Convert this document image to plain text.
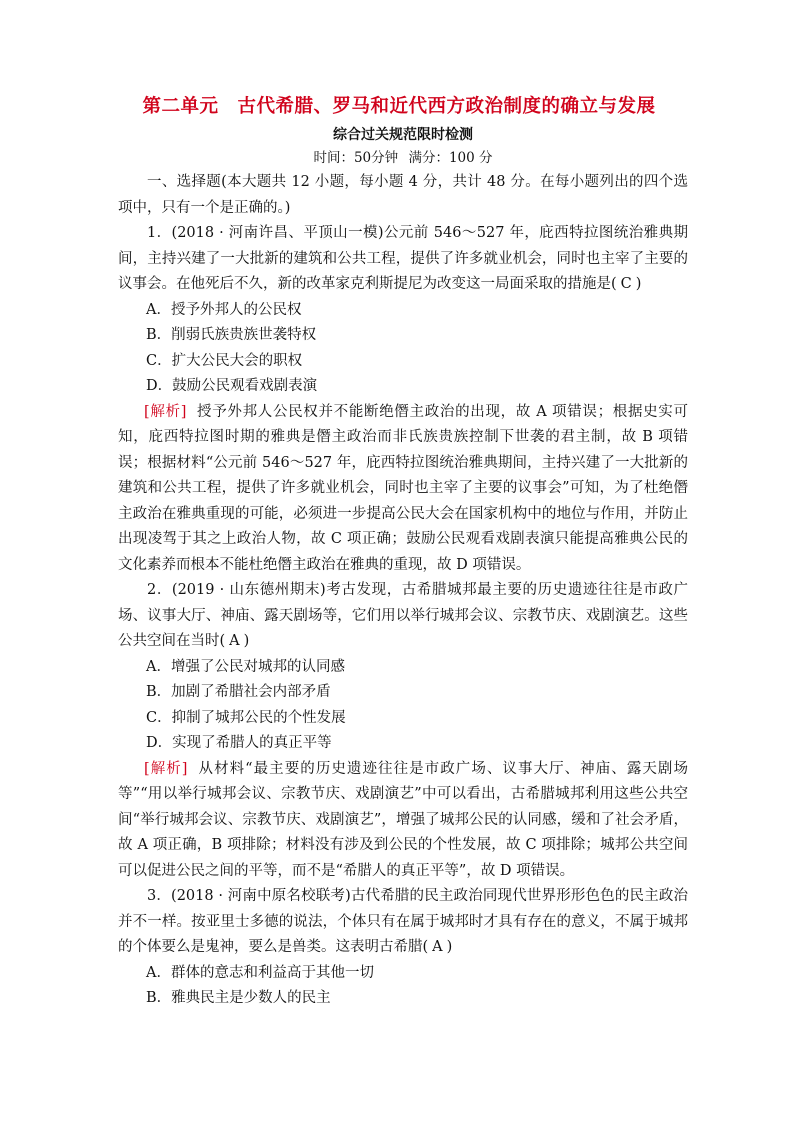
第二单元　古代希腊、罗马和近代西方政治制度的确立与发展
综合过关规范限时检测
时间：50分钟 满分：100 分

一、选择题(本大题共 12 小题，每小题 4 分，共计 48 分。在每小题列出的四个选项中，只有一个是正确的。)

1．(2018 · 河南许昌、平顶山一模)公元前 546～527 年，庇西特拉图统治雅典期间，主持兴建了一大批新的建筑和公共工程，提供了许多就业机会，同时也主宰了主要的议事会。在他死后不久，新的改革家克利斯提尼为改变这一局面采取的措施是( C )

A．授予外邦人的公民权

B．削弱氏族贵族世袭特权

C．扩大公民大会的职权

D．鼓励公民观看戏剧表演

[解析] 授予外邦人公民权并不能断绝僭主政治的出现，故 A 项错误；根据史实可知，庇西特拉图时期的雅典是僭主政治而非氏族贵族控制下世袭的君主制，故 B 项错误；根据材料“公元前 546～527 年，庇西特拉图统治雅典期间，主持兴建了一大批新的建筑和公共工程，提供了许多就业机会，同时也主宰了主要的议事会”可知，为了杜绝僭主政治在雅典重现的可能，必须进一步提高公民大会在国家机构中的地位与作用，并防止出现凌驾于其之上政治人物，故 C 项正确；鼓励公民观看戏剧表演只能提高雅典公民的文化素养而根本不能杜绝僭主政治在雅典的重现，故 D 项错误。

2．(2019 · 山东德州期末)考古发现，古希腊城邦最主要的历史遗迹往往是市政广场、议事大厅、神庙、露天剧场等，它们用以举行城邦会议、宗教节庆、戏剧演艺。这些公共空间在当时( A )

A．增强了公民对城邦的认同感

B．加剧了希腊社会内部矛盾

C．抑制了城邦公民的个性发展

D．实现了希腊人的真正平等

[解析] 从材料“最主要的历史遗迹往往是市政广场、议事大厅、神庙、露天剧场等”“用以举行城邦会议、宗教节庆、戏剧演艺”中可以看出，古希腊城邦利用这些公共空间“举行城邦会议、宗教节庆、戏剧演艺”，增强了城邦公民的认同感，缓和了社会矛盾，故 A 项正确，B 项排除；材料没有涉及到公民的个性发展，故 C 项排除；城邦公共空间可以促进公民之间的平等，而不是“希腊人的真正平等”，故 D 项错误。

3．(2018 · 河南中原名校联考)古代希腊的民主政治同现代世界形形色色的民主政治并不一样。按亚里士多德的说法，个体只有在属于城邦时才具有存在的意义，不属于城邦的个体要么是鬼神，要么是兽类。这表明古希腊( A )

A．群体的意志和利益高于其他一切

B．雅典民主是少数人的民主
